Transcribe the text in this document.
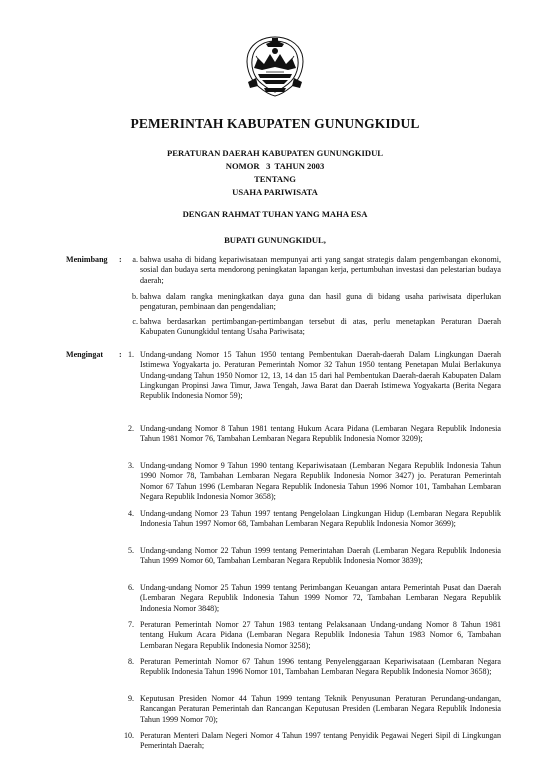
PEMERINTAH KABUPATEN GUNUNGKIDUL
PERATURAN DAERAH KABUPATEN GUNUNGKIDUL
NOMOR   3  TAHUN 2003
TENTANG
USAHA PARIWISATA
DENGAN RAHMAT TUHAN YANG MAHA ESA
BUPATI GUNUNGKIDUL,
Menimbang :	a. bahwa usaha di bidang kepariwisataan mempunyai arti yang sangat strategis dalam pengembangan ekonomi, sosial dan budaya serta mendorong peningkatan lapangan kerja, pertumbuhan investasi dan pelestarian budaya daerah;
b. bahwa dalam rangka meningkatkan daya guna dan hasil guna di bidang usaha pariwisata diperlukan pengaturan, pembinaan dan pengendalian;
c. bahwa berdasarkan pertimbangan-pertimbangan tersebut di atas, perlu menetapkan Peraturan Daerah Kabupaten Gunungkidul tentang Usaha Pariwisata;
Mengingat : 1. Undang-undang Nomor 15 Tahun 1950 tentang Pembentukan Daerah-daerah Dalam Lingkungan Daerah Istimewa Yogyakarta jo. Peraturan Pemerintah Nomor 32 Tahun 1950 tentang Penetapan Mulai Berlakunya Undang-undang Tahun 1950 Nomor 12, 13, 14 dan 15 dari hal Pembentukan Daerah-daerah Kabupaten Dalam Lingkungan Propinsi Jawa Timur, Jawa Tengah, Jawa Barat dan Daerah Istimewa Yogyakarta (Berita Negara Republik Indonesia Nomor 59);
2. Undang-undang Nomor 8 Tahun 1981 tentang Hukum Acara Pidana (Lembaran Negara Republik Indonesia Tahun 1981 Nomor 76, Tambahan Lembaran Negara Republik Indonesia Nomor 3209);
3. Undang-undang Nomor 9 Tahun 1990 tentang Kepariwisataan (Lembaran Negara Republik Indonesia Tahun 1990 Nomor 78, Tambahan Lembaran Negara Republik Indonesia Nomor 3427) jo. Peraturan Pemerintah Nomor 67 Tahun 1996 (Lembaran Negara Republik Indonesia Tahun 1996 Nomor 101, Tambahan Lembaran Negara Republik Indonesia Nomor 3658);
4. Undang-undang Nomor 23 Tahun 1997 tentang Pengelolaan Lingkungan Hidup (Lembaran Negara Republik Indonesia Tahun 1997 Nomor 68, Tambahan Lembaran Negara Republik Indonesia Nomor 3699);
5. Undang-undang Nomor 22 Tahun 1999 tentang Pemerintahan Daerah (Lembaran Negara Republik Indonesia Tahun 1999 Nomor 60, Tambahan Lembaran Negara Republik Indonesia Nomor 3839);
6. Undang-undang Nomor 25 Tahun 1999 tentang Perimbangan Keuangan antara Pemerintah Pusat dan Daerah (Lembaran Negara Republik Indonesia Tahun 1999 Nomor 72, Tambahan Lembaran Negara Republik Indonesia Nomor 3848);
7. Peraturan Pemerintah Nomor 27 Tahun 1983 tentang Pelaksanaan Undang-undang Nomor 8 Tahun 1981 tentang Hukum Acara Pidana (Lembaran Negara Republik Indonesia Tahun 1983 Nomor 6, Tambahan Lembaran Negara Republik Indonesia Nomor 3258);
8. Peraturan Pemerintah Nomor 67 Tahun 1996 tentang Penyelenggaraan Kepariwisataan (Lembaran Negara Republik Indonesia Tahun 1996 Nomor 101, Tambahan Lembaran Negara Republik Indonesia Nomor 3658);
9. Keputusan Presiden Nomor 44 Tahun 1999 tentang Teknik Penyusunan Peraturan Perundang-undangan, Rancangan Peraturan Pemerintah dan Rancangan Keputusan Presiden (Lembaran Negara Republik Indonesia Tahun 1999 Nomor 70);
10. Peraturan Menteri Dalam Negeri Nomor 4 Tahun 1997 tentang Penyidik Pegawai Negeri Sipil di Lingkungan Pemerintah Daerah;
